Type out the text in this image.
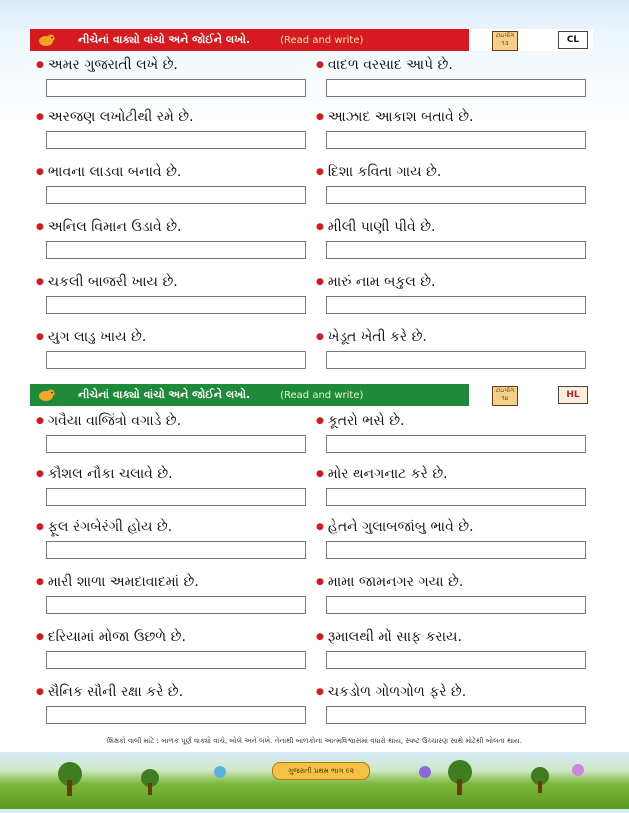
નીચેનાં વાક્યો વાંચો અને જોઈને લખો.	(Read and write)	ટાઇપીંગ ૧૩	CL
● અમર ગુજરાતી લખે છે.	● વાદળ વરસાદ આપે છે.
● અરજણ લખોટીથી રમે છે.	● આઝાદ આકાશ બતાવે છે.
● ભાવના લાડવા બનાવે છે.	● દિશા કવિતા ગાય છે.
● અનિલ વિમાન ઉડાવે છે.	● મીલી પાણી પીવે છે.
● ચકલી બાજરી ખાય છે.	● મારું નામ બકુલ છે.
● યુગ લાડુ ખાય છે.	● ખેડૂત ખેતી કરે છે.
નીચેનાં વાક્યો વાંચો અને જોઈને લખો.	(Read and write)	ટાઇપીંગ ૧૪	HL
● ગવૈયા વાજિંત્રો વગાડે છે.	● કૂતરો ભસે છે.
● કૌશલ નૌકા ચલાવે છે.	● મોર થનગનાટ કરે છે.
● ફૂલ રંગબેરંગી હોય છે.	● હેતને ગુલાબજાંબુ ભાવે છે.
● મારી શાળા અમદાવાદમાં છે.	● મામા જામનગર ગયા છે.
● દરિયામાં મોજા ઉછળે છે.	● રૂમાલથી મોં સાફ કરાય.
● સૈનિક સૌની રક્ષા કરે છે.	● ચકડોળ ગોળગોળ ફરે છે.
શિક્ષકો વાલી માટે : બાળક પૂર્ણ વાક્યો વાંચે, બોલે અને લખે. તેનાથી બાળકોના આત્મવિશ્વાસમાં વધારો થાય, સ્પષ્ટ ઉચ્ચારણ સાથે મોટેથી બોલતા થાય.
ગુજરાતી પ્રથમ ભાગ ૯૨
